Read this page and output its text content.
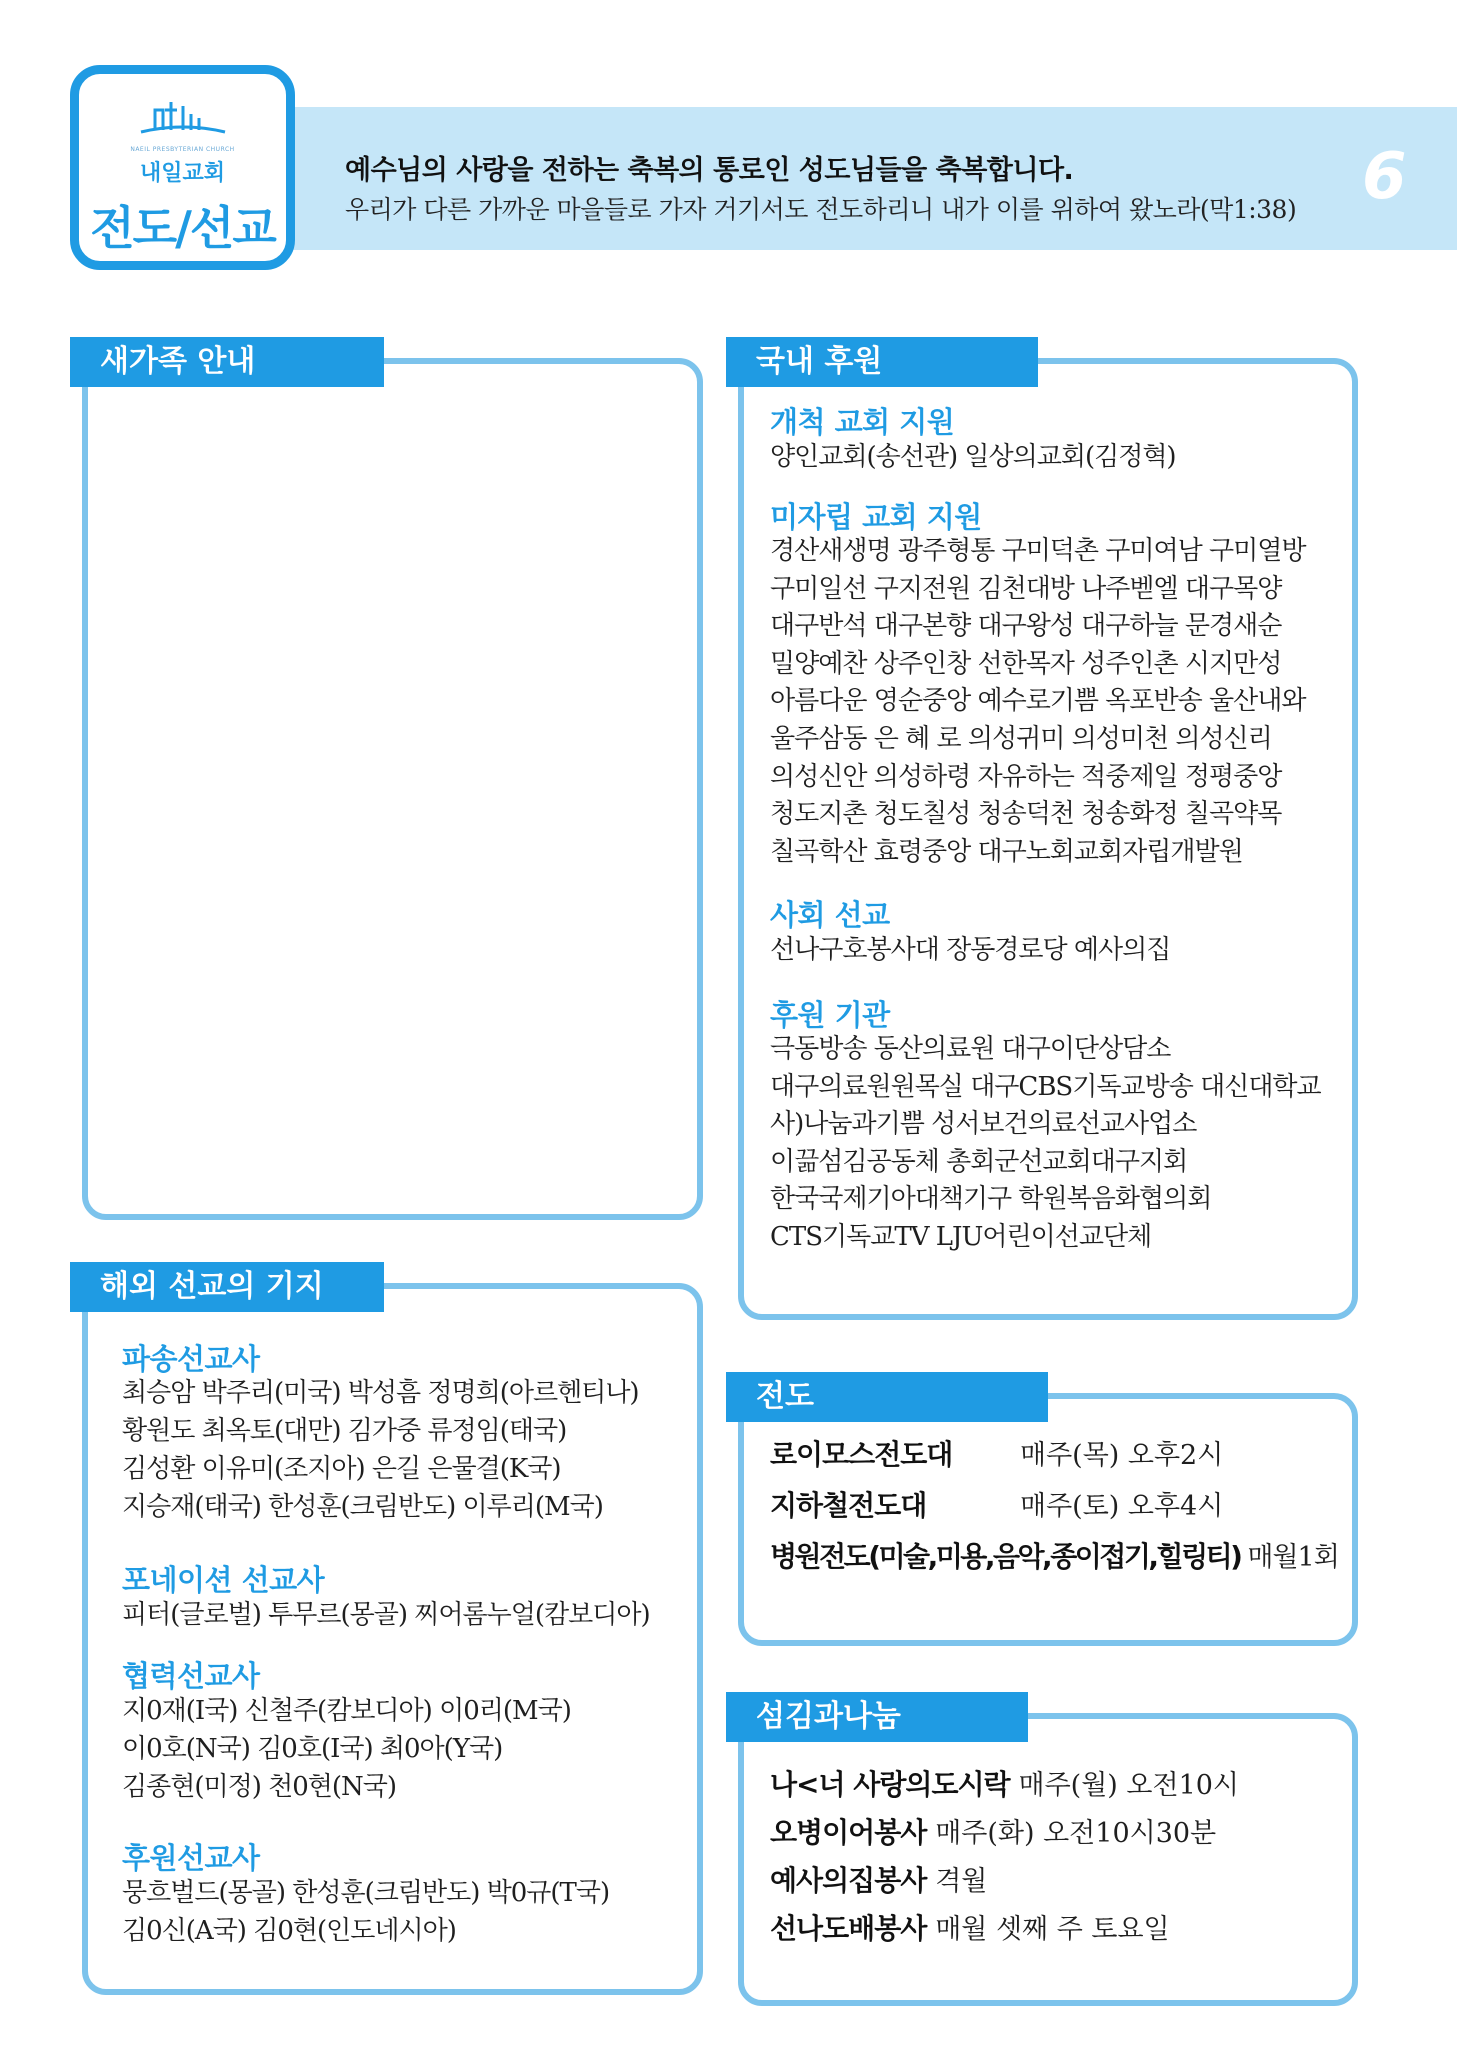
NAEIL PRESBYTERIAN CHURCH
내일교회
전도/선교
예수님의 사랑을 전하는 축복의 통로인 성도님들을 축복합니다.
우리가 다른 가까운 마을들로 가자 거기서도 전도하리니 내가 이를 위하여 왔노라(막1:38) 6
새가족 안내
해외 선교의 기지
파송선교사
최승암 박주리(미국) 박성흠 정명희(아르헨티나)
황원도 최옥토(대만) 김가중 류정임(태국)
김성환 이유미(조지아) 은길 은물결(K국)
지승재(태국) 한성훈(크림반도) 이루리(M국)
포네이션 선교사
피터(글로벌) 투무르(몽골) 찌어롬누얼(캄보디아)
협력선교사
지0재(I국) 신철주(캄보디아) 이0리(M국)
이0호(N국) 김0호(I국) 최0아(Y국)
김종현(미정) 천0현(N국)
후원선교사
뭉흐벌드(몽골) 한성훈(크림반도) 박0규(T국)
김0신(A국) 김0현(인도네시아)
국내 후원
개척 교회 지원
양인교회(송선관) 일상의교회(김정혁)
미자립 교회 지원
경산새생명 광주형통 구미덕촌 구미여남 구미열방
구미일선 구지전원 김천대방 나주벧엘 대구목양
대구반석 대구본향 대구왕성 대구하늘 문경새순
밀양예찬 상주인창 선한목자 성주인촌 시지만성
아름다운 영순중앙 예수로기쁨 옥포반송 울산내와
울주삼동 은 혜 로 의성귀미 의성미천 의성신리
의성신안 의성하령 자유하는 적중제일 정평중앙
청도지촌 청도칠성 청송덕천 청송화정 칠곡약목
칠곡학산 효령중앙 대구노회교회자립개발원
사회 선교
선나구호봉사대 장동경로당 예사의집
후원 기관
극동방송 동산의료원 대구이단상담소
대구의료원원목실 대구CBS기독교방송 대신대학교
사)나눔과기쁨 성서보건의료선교사업소
이끎섬김공동체 총회군선교회대구지회
한국국제기아대책기구 학원복음화협의회
CTS기독교TV LJU어린이선교단체
전도
로이모스전도대	매주(목) 오후2시
지하철전도대	매주(토) 오후4시
병원전도(미술,미용,음악,종이접기,힐링티) 매월1회
섬김과나눔
나<너 사랑의도시락 매주(월) 오전10시
오병이어봉사 매주(화) 오전10시30분
예사의집봉사 격월
선나도배봉사 매월 셋째 주 토요일
